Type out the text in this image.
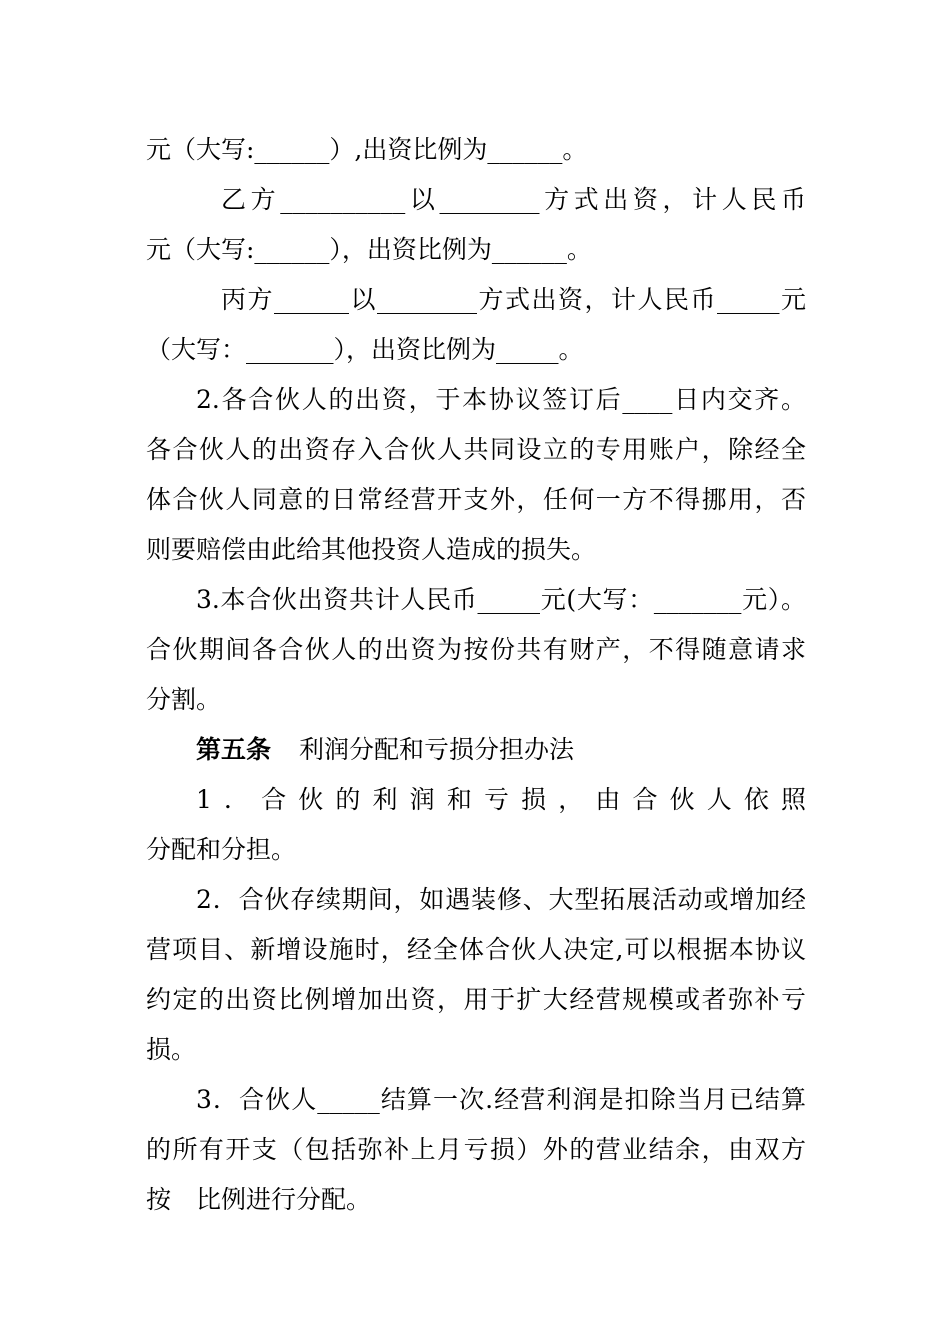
元（大写:______）,出资比例为______。
乙方__________以________方式出资，计人民币
元（大写:______），出资比例为______。
丙方______以________方式出资，计人民币_____元
（大写：_______），出资比例为_____。
2.各合伙人的出资，于本协议签订后____日内交齐。
各合伙人的出资存入合伙人共同设立的专用账户，除经全
体合伙人同意的日常经营开支外，任何一方不得挪用，否
则要赔偿由此给其他投资人造成的损失。
3.本合伙出资共计人民币_____元(大写：_______元）。
合伙期间各合伙人的出资为按份共有财产，不得随意请求
分割。
第五条 利润分配和亏损分担办法
1．合伙的利润和亏损，由合伙人依照
分配和分担。
2．合伙存续期间，如遇装修、大型拓展活动或增加经
营项目、新增设施时，经全体合伙人决定,可以根据本协议
约定的出资比例增加出资，用于扩大经营规模或者弥补亏
损。
3．合伙人_____结算一次.经营利润是扣除当月已结算
的所有开支（包括弥补上月亏损）外的营业结余，由双方
按　比例进行分配。
